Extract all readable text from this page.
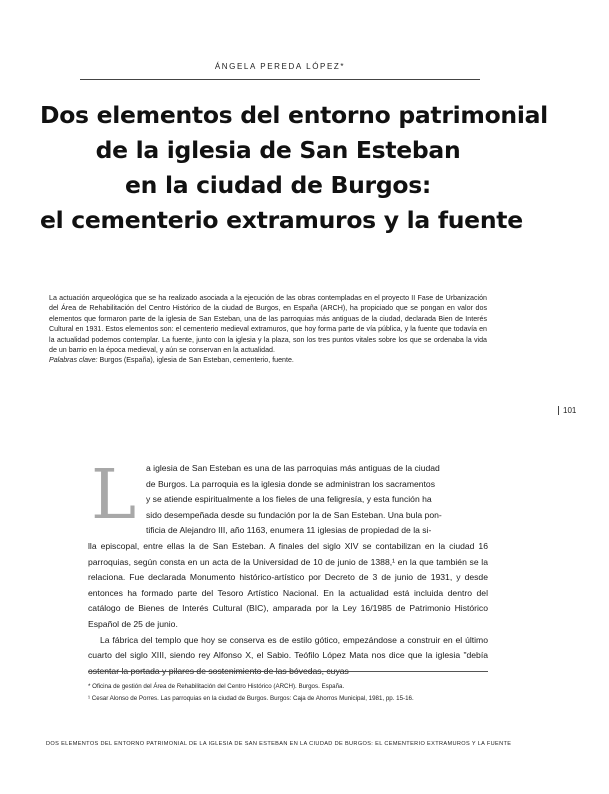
ÁNGELA PEREDA LÓPEZ*
Dos elementos del entorno patrimonial
de la iglesia de San Esteban
en la ciudad de Burgos:
el cementerio extramuros y la fuente
La actuación arqueológica que se ha realizado asociada a la ejecución de las obras contempladas en el proyecto II Fase de Urbanización del Área de Rehabilitación del Centro Histórico de la ciudad de Burgos, en España (ARCH), ha propiciado que se pongan en valor dos elementos que formaron parte de la iglesia de San Esteban, una de las parroquias más antiguas de la ciudad, declarada Bien de Interés Cultural en 1931. Estos elementos son: el cementerio medieval extramuros, que hoy forma parte de vía pública, y la fuente que todavía en la actualidad podemos contemplar. La fuente, junto con la iglesia y la plaza, son los tres puntos vitales sobre los que se ordenaba la vida de un barrio en la época medieval, y aún se conservan en la actualidad.
Palabras clave: Burgos (España), iglesia de San Esteban, cementerio, fuente.
101
L a iglesia de San Esteban es una de las parroquias más antiguas de la ciudad
de Burgos. La parroquia es la iglesia donde se administran los sacramentos
y se atiende espiritualmente a los fieles de una feligresía, y esta función ha
sido desempeñada desde su fundación por la de San Esteban. Una bula pon-
tificia de Alejandro III, año 1163, enumera 11 iglesias de propiedad de la si-

lla episcopal, entre ellas la de San Esteban. A finales del siglo XIV se contabilizan en la ciudad 16 parroquias, según consta en un acta de la Universidad de 10 de junio de 1388,¹ en la que también se la relaciona. Fue declarada Monumento histórico-artístico por Decreto de 3 de junio de 1931, y desde entonces ha formado parte del Tesoro Artístico Nacional. En la actualidad está incluida dentro del catálogo de Bienes de Interés Cultural (BIC), amparada por la Ley 16/1985 de Patrimonio Histórico Español de 25 de junio.

La fábrica del templo que hoy se conserva es de estilo gótico, empezándose a construir en el último cuarto del siglo XIII, siendo rey Alfonso X, el Sabio. Teófilo López Mata nos dice que la iglesia "debía ostentar la portada y pilares de sostenimiento de las bóvedas, cuyas

* Oficina de gestión del Área de Rehabilitación del Centro Histórico (ARCH). Burgos. España.
¹ Cesar Alonso de Porres. Las parroquias en la ciudad de Burgos. Burgos: Caja de Ahorros Municipal, 1981, pp. 15-16.
DOS ELEMENTOS DEL ENTORNO PATRIMONIAL DE LA IGLESIA DE SAN ESTEBAN EN LA CIUDAD DE BURGOS: EL CEMENTERIO EXTRAMUROS Y LA FUENTE
